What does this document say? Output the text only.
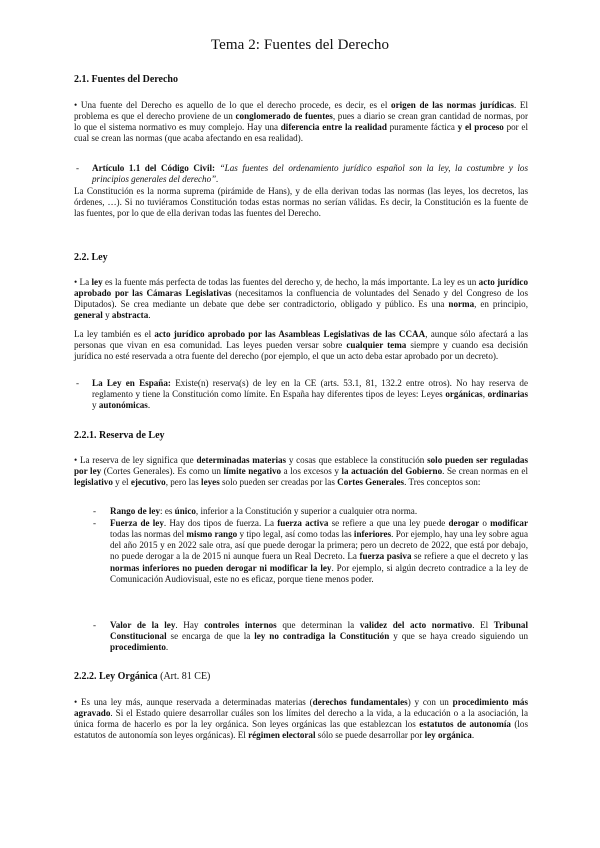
Tema 2: Fuentes del Derecho

2.1. Fuentes del Derecho

• Una fuente del Derecho es aquello de lo que el derecho procede, es decir, es el origen de las normas jurídicas. El problema es que el derecho proviene de un conglomerado de fuentes, pues a diario se crean gran cantidad de normas, por lo que el sistema normativo es muy complejo. Hay una diferencia entre la realidad puramente fáctica y el proceso por el cual se crean las normas (que acaba afectando en esa realidad).

- Artículo 1.1 del Código Civil: “Las fuentes del ordenamiento jurídico español son la ley, la costumbre y los principios generales del derecho”.

La Constitución es la norma suprema (pirámide de Hans), y de ella derivan todas las normas (las leyes, los decretos, las órdenes, …). Si no tuviéramos Constitución todas estas normas no serían válidas. Es decir, la Constitución es la fuente de las fuentes, por lo que de ella derivan todas las fuentes del Derecho.

2.2. Ley

• La ley es la fuente más perfecta de todas las fuentes del derecho y, de hecho, la más importante. La ley es un acto jurídico aprobado por las Cámaras Legislativas (necesitamos la confluencia de voluntades del Senado y del Congreso de los Diputados). Se crea mediante un debate que debe ser contradictorio, obligado y público. Es una norma, en principio, general y abstracta.

La ley también es el acto jurídico aprobado por las Asambleas Legislativas de las CCAA, aunque sólo afectará a las personas que vivan en esa comunidad. Las leyes pueden versar sobre cualquier tema siempre y cuando esa decisión jurídica no esté reservada a otra fuente del derecho (por ejemplo, el que un acto deba estar aprobado por un decreto).

- La Ley en España: Existe(n) reserva(s) de ley en la CE (arts. 53.1, 81, 132.2 entre otros). No hay reserva de reglamento y tiene la Constitución como límite. En España hay diferentes tipos de leyes: Leyes orgánicas, ordinarias y autonómicas.

2.2.1. Reserva de Ley

• La reserva de ley significa que determinadas materias y cosas que establece la constitución solo pueden ser reguladas por ley (Cortes Generales). Es como un límite negativo a los excesos y la actuación del Gobierno. Se crean normas en el legislativo y el ejecutivo, pero las leyes solo pueden ser creadas por las Cortes Generales. Tres conceptos son:

- Rango de ley: es único, inferior a la Constitución y superior a cualquier otra norma.

- Fuerza de ley. Hay dos tipos de fuerza. La fuerza activa se refiere a que una ley puede derogar o modificar todas las normas del mismo rango y tipo legal, así como todas las inferiores. Por ejemplo, hay una ley sobre agua del año 2015 y en 2022 sale otra, así que puede derogar la primera; pero un decreto de 2022, que está por debajo, no puede derogar a la de 2015 ni aunque fuera un Real Decreto. La fuerza pasiva se refiere a que el decreto y las normas inferiores no pueden derogar ni modificar la ley. Por ejemplo, si algún decreto contradice a la ley de Comunicación Audiovisual, este no es eficaz, porque tiene menos poder.

- Valor de la ley. Hay controles internos que determinan la validez del acto normativo. El Tribunal Constitucional se encarga de que la ley no contradiga la Constitución y que se haya creado siguiendo un procedimiento.

2.2.2. Ley Orgánica (Art. 81 CE)

• Es una ley más, aunque reservada a determinadas materias (derechos fundamentales) y con un procedimiento más agravado. Si el Estado quiere desarrollar cuáles son los límites del derecho a la vida, a la educación o a la asociación, la única forma de hacerlo es por la ley orgánica. Son leyes orgánicas las que establezcan los estatutos de autonomía (los estatutos de autonomía son leyes orgánicas). El régimen electoral sólo se puede desarrollar por ley orgánica.
